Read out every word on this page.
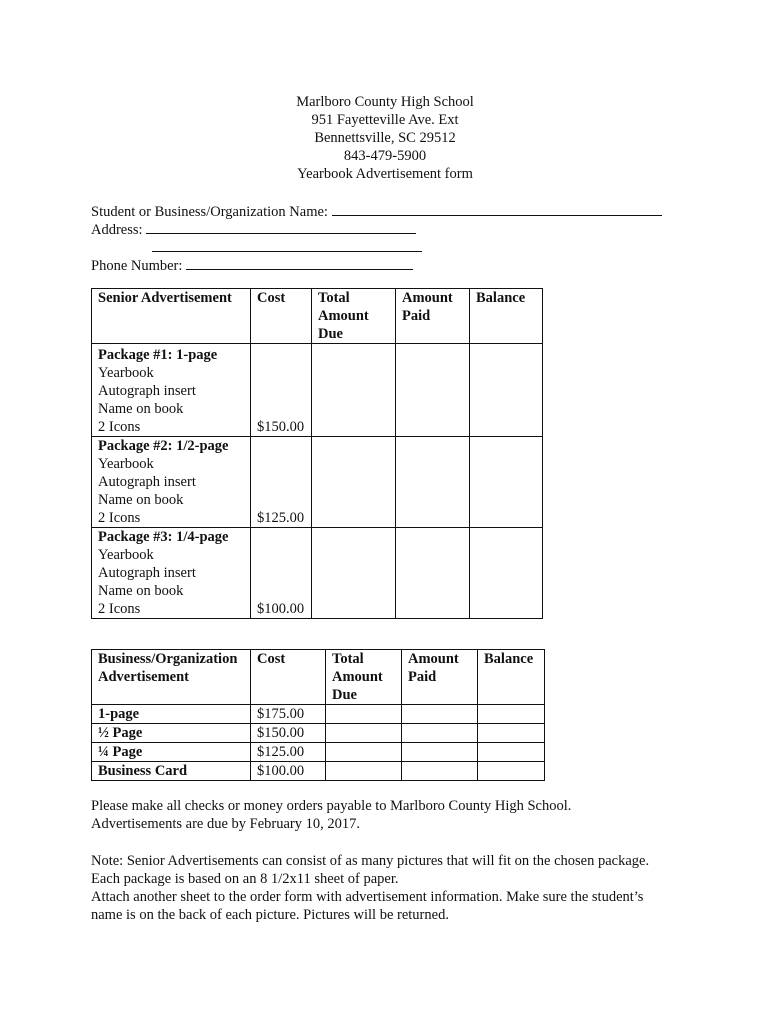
Marlboro County High School
951 Fayetteville Ave. Ext
Bennettsville, SC 29512
843-479-5900
Yearbook Advertisement form
Student or Business/Organization Name:
Address:

Phone Number:
Senior Advertisement	Cost	Total Amount Due	Amount Paid	Balance

Package #1: 1-page
Yearbook
Autograph insert
Name on book
2 Icons	$150.00			

Package #2: 1/2-page
Yearbook
Autograph insert
Name on book
2 Icons	$125.00			

Package #3: 1/4-page
Yearbook
Autograph insert
Name on book
2 Icons	$100.00			
Business/Organization Advertisement	Cost	Total Amount Due	Amount Paid	Balance
1-page	$175.00			
½ Page	$150.00			
¼ Page	$125.00			
Business Card	$100.00			
Please make all checks or money orders payable to Marlboro County High School.
Advertisements are due by February 10, 2017.
Note: Senior Advertisements can consist of as many pictures that will fit on the chosen package.
Each package is based on an 8 1/2x11 sheet of paper.
Attach another sheet to the order form with advertisement information. Make sure the student’s
name is on the back of each picture. Pictures will be returned.
